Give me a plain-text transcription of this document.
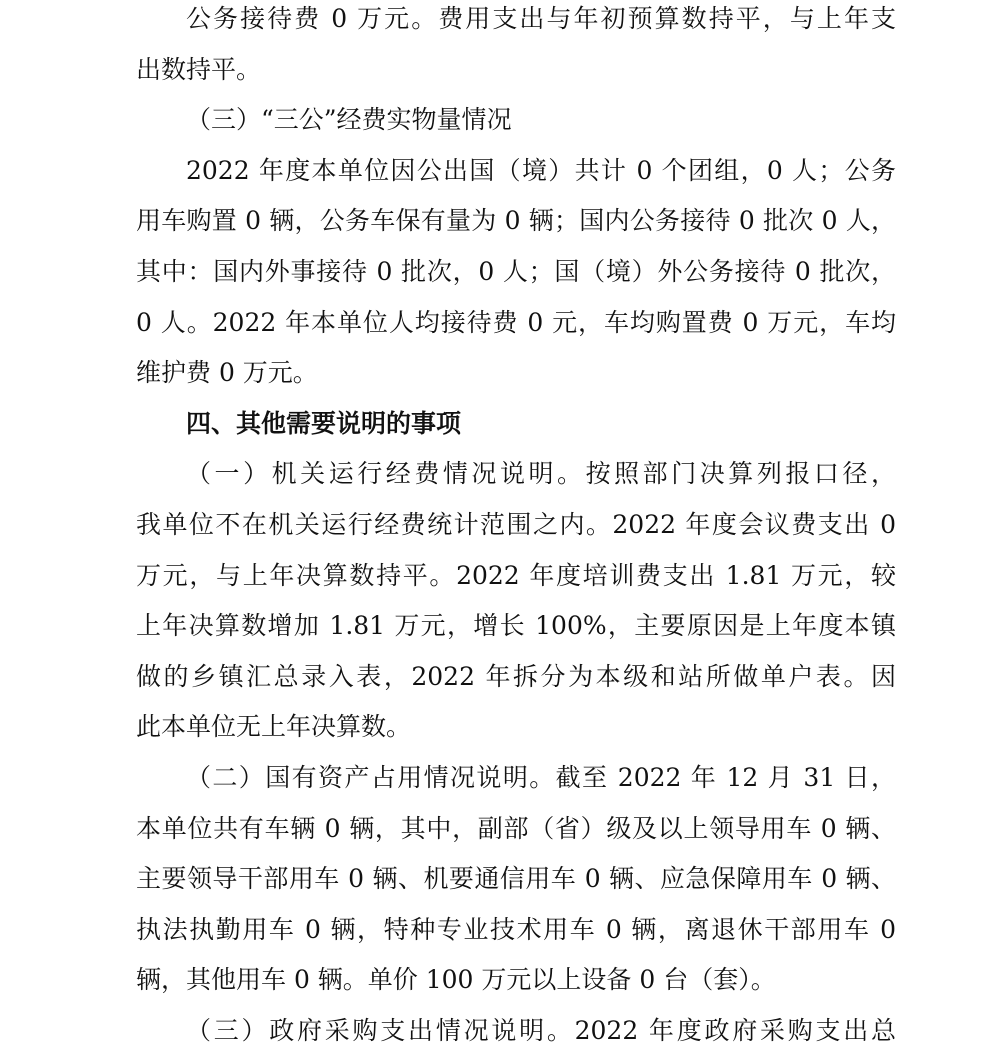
公务接待费 0 万元。费用支出与年初预算数持平，与上年支
出数持平。
（三）“三公”经费实物量情况
2022 年度本单位因公出国（境）共计 0 个团组，0 人；公务
用车购置 0 辆，公务车保有量为 0 辆；国内公务接待 0 批次 0 人，
其中：国内外事接待 0 批次，0 人；国（境）外公务接待 0 批次，
0 人。2022 年本单位人均接待费 0 元，车均购置费 0 万元，车均
维护费 0 万元。
四、其他需要说明的事项
（一）机关运行经费情况说明。按照部门决算列报口径，
我单位不在机关运行经费统计范围之内。2022 年度会议费支出 0
万元，与上年决算数持平。2022 年度培训费支出 1.81 万元，较
上年决算数增加 1.81 万元，增长 100%，主要原因是上年度本镇
做的乡镇汇总录入表，2022 年拆分为本级和站所做单户表。因
此本单位无上年决算数。
（二）国有资产占用情况说明。截至 2022 年 12 月 31 日，
本单位共有车辆 0 辆，其中，副部（省）级及以上领导用车 0 辆、
主要领导干部用车 0 辆、机要通信用车 0 辆、应急保障用车 0 辆、
执法执勤用车 0 辆，特种专业技术用车 0 辆，离退休干部用车 0
辆，其他用车 0 辆。单价 100 万元以上设备 0 台（套）。
（三）政府采购支出情况说明。2022 年度政府采购支出总
